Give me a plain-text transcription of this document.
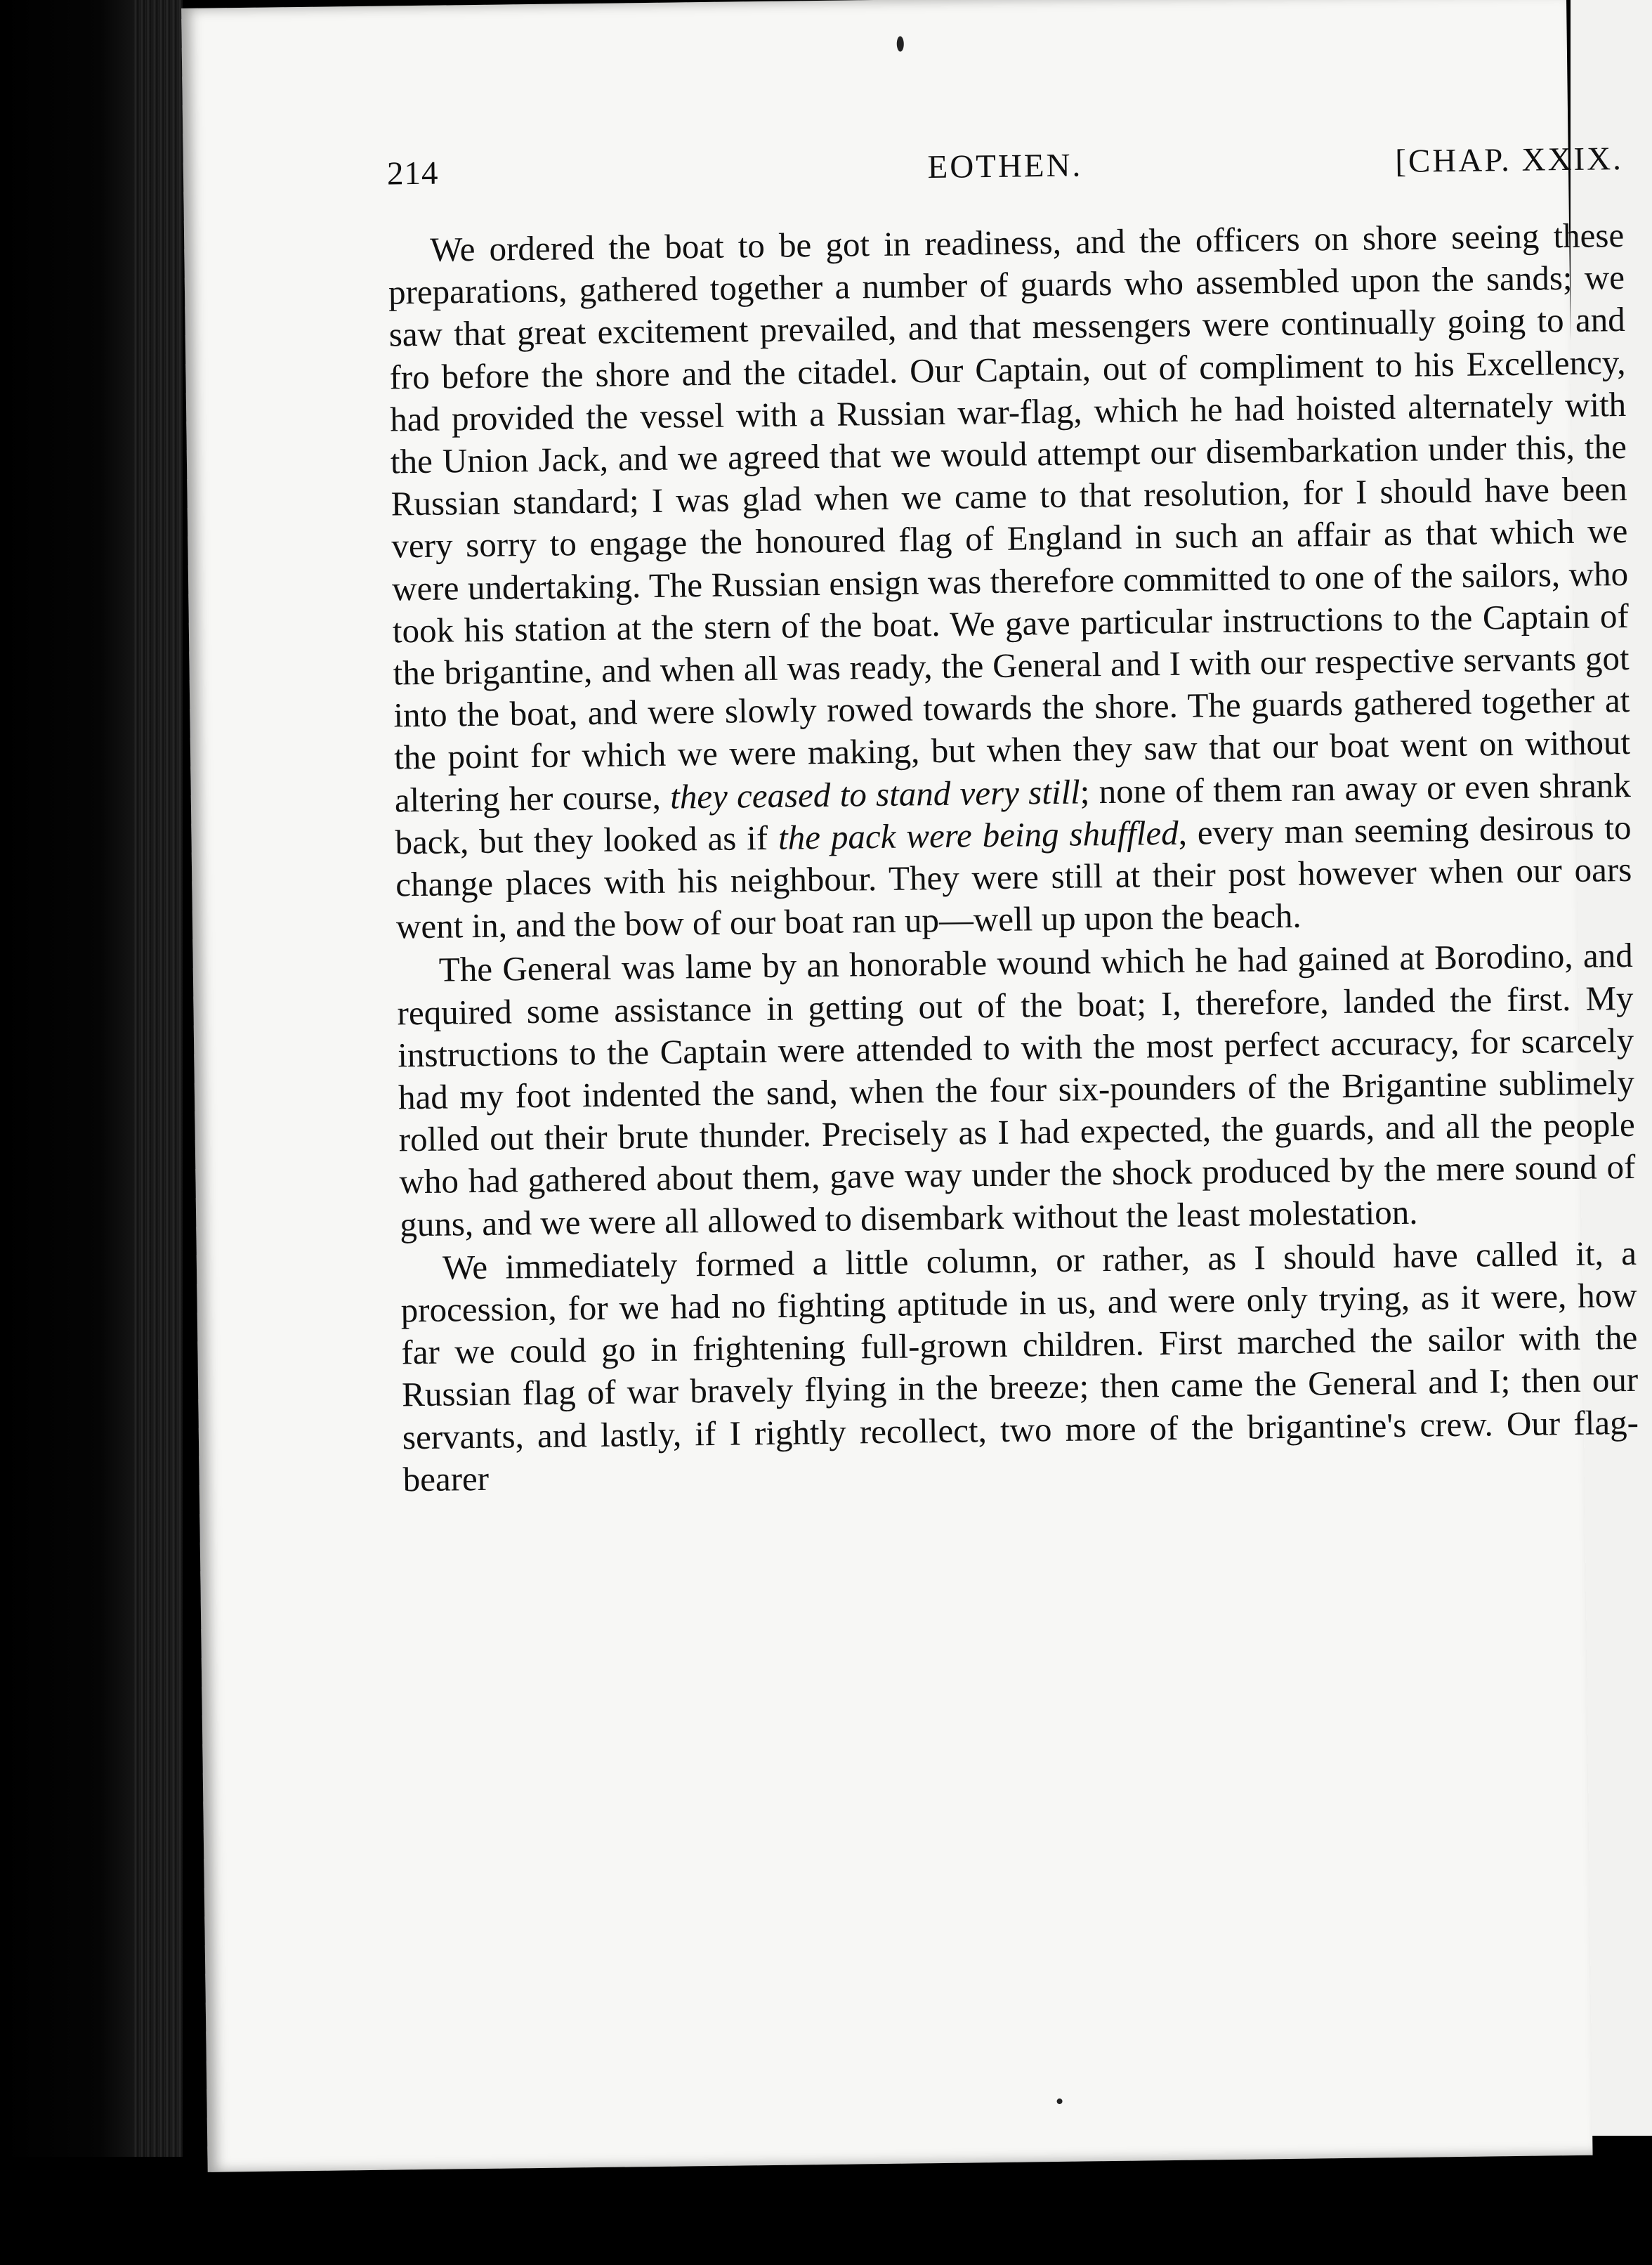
214	EOTHEN.	[CHAP. XXIX.

We ordered the boat to be got in readiness, and the officers on shore seeing these preparations, gathered together a number of guards who assembled upon the sands; we saw that great excitement prevailed, and that messengers were continually going to and fro before the shore and the citadel. Our Captain, out of compliment to his Excellency, had provided the vessel with a Russian war-flag, which he had hoisted alternately with the Union Jack, and we agreed that we would attempt our disembarkation under this, the Russian standard; I was glad when we came to that resolution, for I should have been very sorry to engage the honoured flag of England in such an affair as that which we were undertaking. The Russian ensign was therefore committed to one of the sailors, who took his station at the stern of the boat. We gave particular instructions to the Captain of the brigantine, and when all was ready, the General and I with our respective servants got into the boat, and were slowly rowed towards the shore. The guards gathered together at the point for which we were making, but when they saw that our boat went on without altering her course, they ceased to stand very still; none of them ran away or even shrank back, but they looked as if the pack were being shuffled, every man seeming desirous to change places with his neighbour. They were still at their post however when our oars went in, and the bow of our boat ran up—well up upon the beach.

The General was lame by an honorable wound which he had gained at Borodino, and required some assistance in getting out of the boat; I, therefore, landed the first. My instructions to the Captain were attended to with the most perfect accuracy, for scarcely had my foot indented the sand, when the four six-pounders of the Brigantine sublimely rolled out their brute thunder. Precisely as I had expected, the guards, and all the people who had gathered about them, gave way under the shock produced by the mere sound of guns, and we were all allowed to disembark without the least molestation.

We immediately formed a little column, or rather, as I should have called it, a procession, for we had no fighting aptitude in us, and were only trying, as it were, how far we could go in frightening full-grown children. First marched the sailor with the Russian flag of war bravely flying in the breeze; then came the General and I; then our servants, and lastly, if I rightly recollect, two more of the brigantine's crew. Our flag-bearer
